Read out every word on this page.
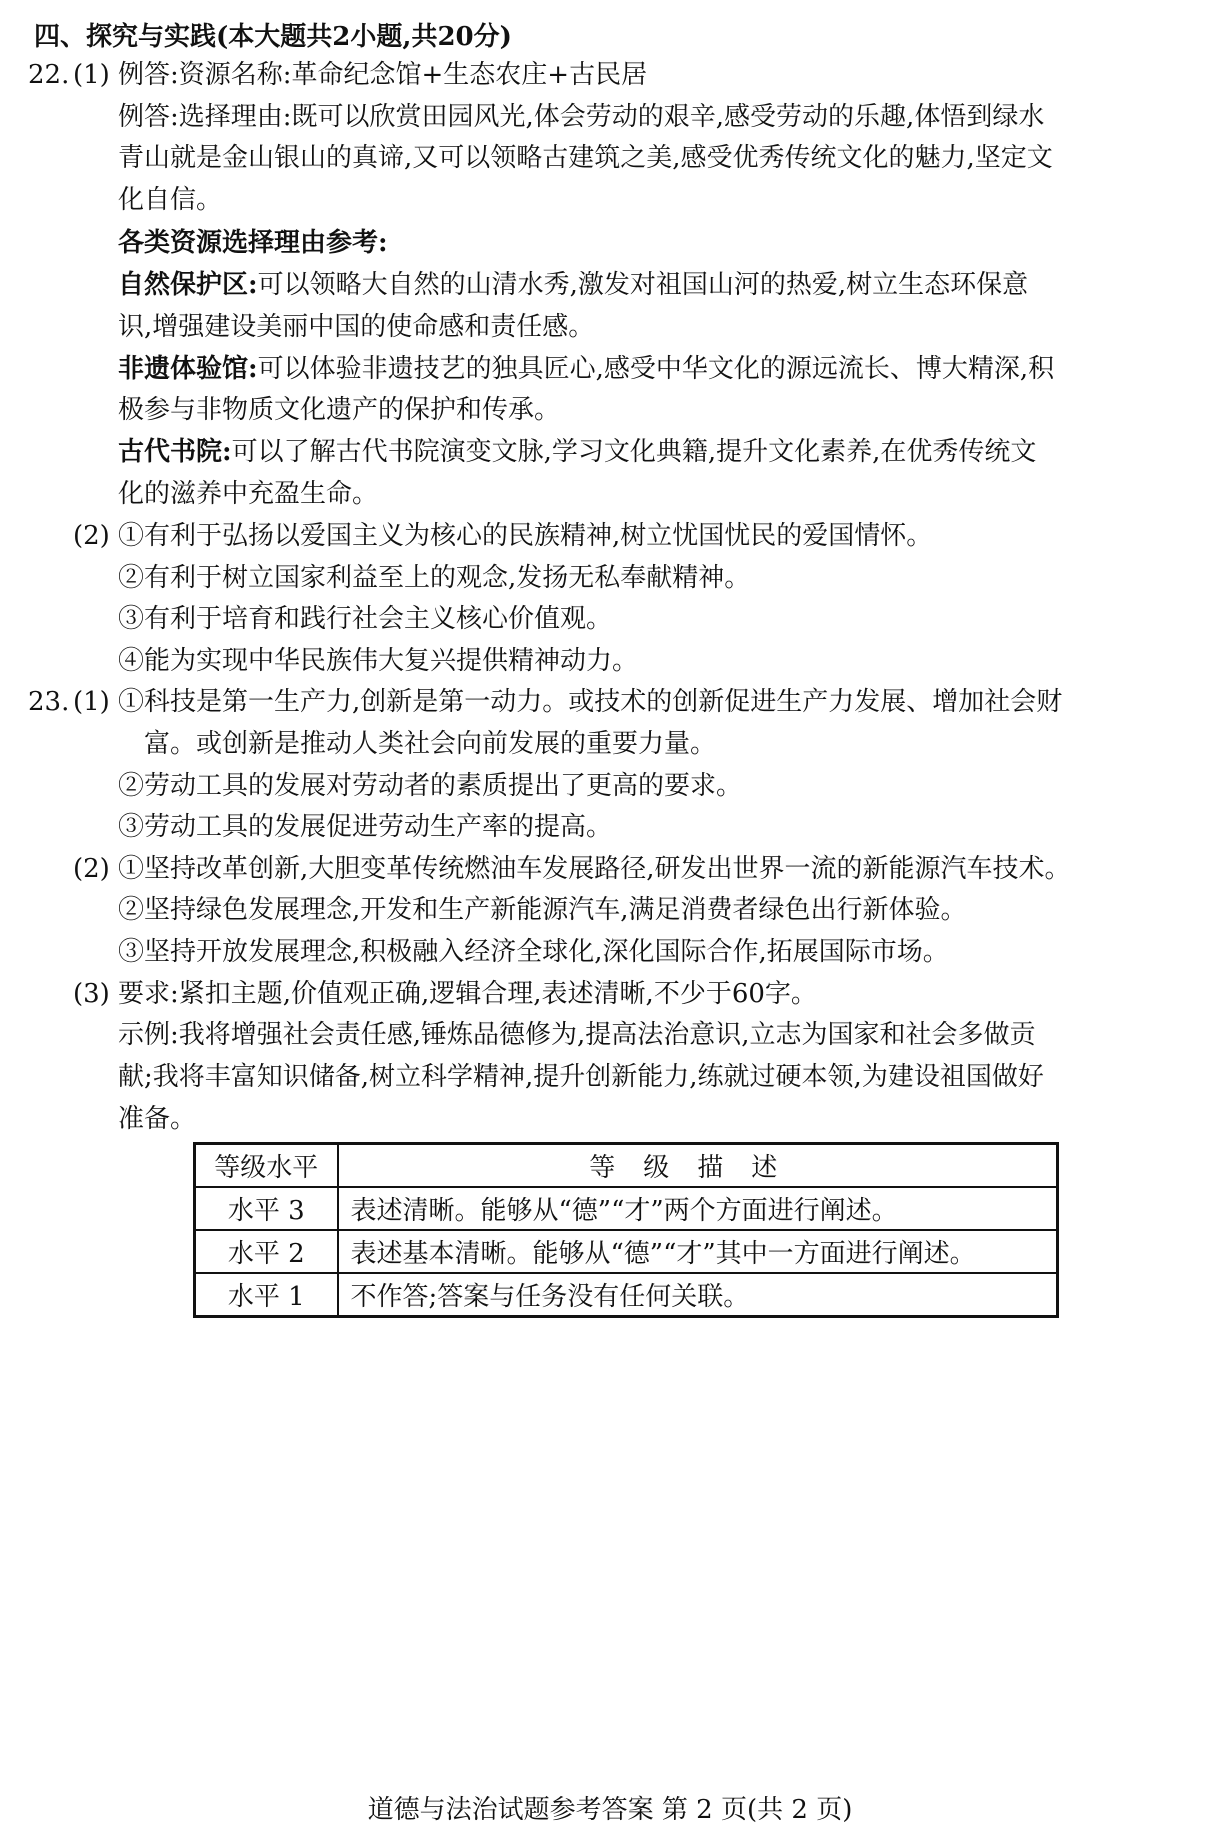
四、探究与实践(本大题共2小题,共20分)
22. (1) 例答:资源名称:革命纪念馆+生态农庄+古民居
例答:选择理由:既可以欣赏田园风光,体会劳动的艰辛,感受劳动的乐趣,体悟到绿水
青山就是金山银山的真谛,又可以领略古建筑之美,感受优秀传统文化的魅力,坚定文
化自信。
各类资源选择理由参考:
自然保护区:可以领略大自然的山清水秀,激发对祖国山河的热爱,树立生态环保意
识,增强建设美丽中国的使命感和责任感。
非遗体验馆:可以体验非遗技艺的独具匠心,感受中华文化的源远流长、博大精深,积
极参与非物质文化遗产的保护和传承。
古代书院:可以了解古代书院演变文脉,学习文化典籍,提升文化素养,在优秀传统文
化的滋养中充盈生命。
(2) ①有利于弘扬以爱国主义为核心的民族精神,树立忧国忧民的爱国情怀。
②有利于树立国家利益至上的观念,发扬无私奉献精神。
③有利于培育和践行社会主义核心价值观。
④能为实现中华民族伟大复兴提供精神动力。
23. (1) ①科技是第一生产力,创新是第一动力。或技术的创新促进生产力发展、增加社会财
富。或创新是推动人类社会向前发展的重要力量。
②劳动工具的发展对劳动者的素质提出了更高的要求。
③劳动工具的发展促进劳动生产率的提高。
(2) ①坚持改革创新,大胆变革传统燃油车发展路径,研发出世界一流的新能源汽车技术。
②坚持绿色发展理念,开发和生产新能源汽车,满足消费者绿色出行新体验。
③坚持开放发展理念,积极融入经济全球化,深化国际合作,拓展国际市场。
(3) 要求:紧扣主题,价值观正确,逻辑合理,表述清晰,不少于60字。
示例:我将增强社会责任感,锤炼品德修为,提高法治意识,立志为国家和社会多做贡
献;我将丰富知识储备,树立科学精神,提升创新能力,练就过硬本领,为建设祖国做好
准备。
等级水平	等级描述
水平 3	表述清晰。能够从“德”“才”两个方面进行阐述。
水平 2	表述基本清晰。能够从“德”“才”其中一方面进行阐述。
水平 1	不作答;答案与任务没有任何关联。
道德与法治试题参考答案 第 2 页(共 2 页)
